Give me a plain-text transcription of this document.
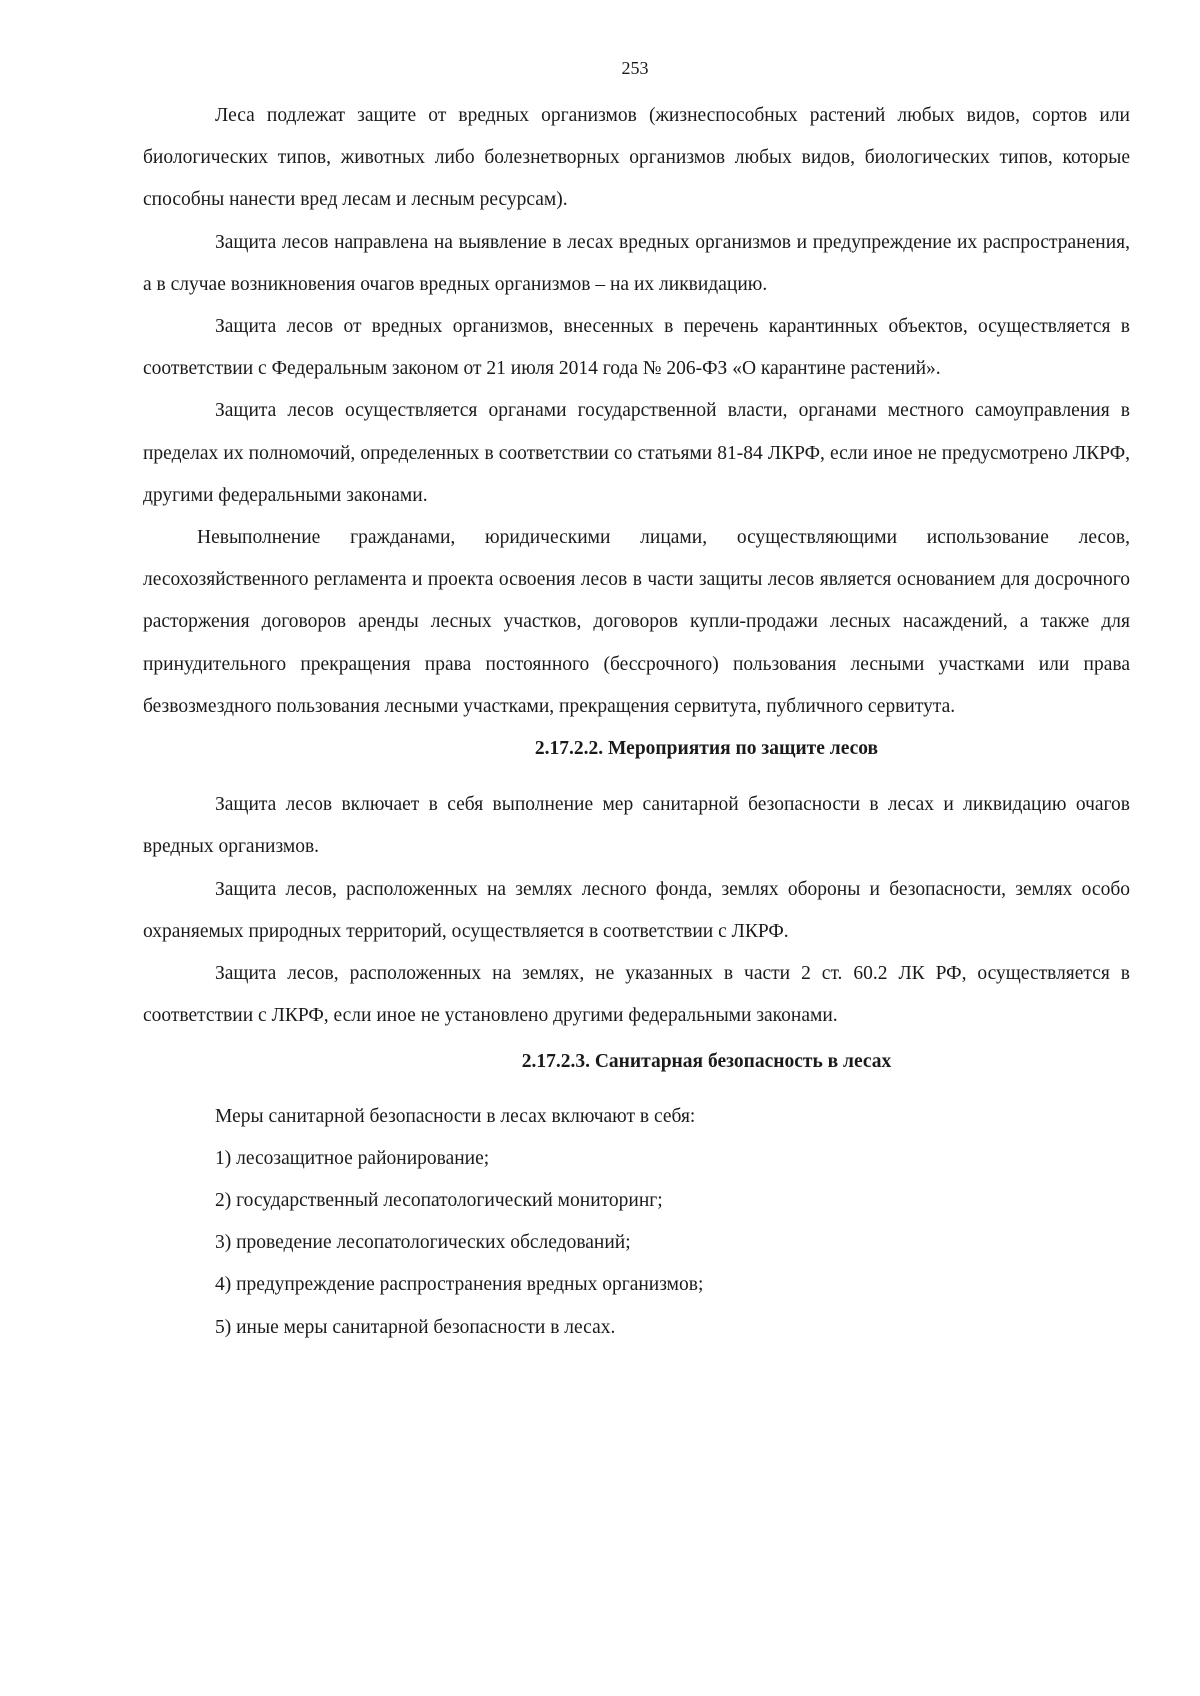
253

Леса подлежат защите от вредных организмов (жизнеспособных растений любых видов, сортов или биологических типов, животных либо болезнетворных организмов любых видов, биологических типов, которые способны нанести вред лесам и лесным ресурсам).

Защита лесов направлена на выявление в лесах вредных организмов и предупреждение их распространения, а в случае возникновения очагов вредных организмов – на их ликвидацию.

Защита лесов от вредных организмов, внесенных в перечень карантинных объектов, осуществляется в соответствии с Федеральным законом от 21 июля 2014 года № 206-ФЗ «О карантине растений».

Защита лесов осуществляется органами государственной власти, органами местного самоуправления в пределах их полномочий, определенных в соответствии со статьями 81-84 ЛКРФ, если иное не предусмотрено ЛКРФ, другими федеральными законами.

Невыполнение гражданами, юридическими лицами, осуществляющими использование лесов, лесохозяйственного регламента и проекта освоения лесов в части защиты лесов является основанием для досрочного расторжения договоров аренды лесных участков, договоров купли-продажи лесных насаждений, а также для принудительного прекращения права постоянного (бессрочного) пользования лесными участками или права безвозмездного пользования лесными участками, прекращения сервитута, публичного сервитута.

2.17.2.2. Мероприятия по защите лесов

Защита лесов включает в себя выполнение мер санитарной безопасности в лесах и ликвидацию очагов вредных организмов.

Защита лесов, расположенных на землях лесного фонда, землях обороны и безопасности, землях особо охраняемых природных территорий, осуществляется в соответствии с ЛКРФ.

Защита лесов, расположенных на землях, не указанных в части 2 ст. 60.2 ЛК РФ, осуществляется в соответствии с ЛКРФ, если иное не установлено другими федеральными законами.

2.17.2.3. Санитарная безопасность в лесах

Меры санитарной безопасности в лесах включают в себя:

1) лесозащитное районирование;

2) государственный лесопатологический мониторинг;

3) проведение лесопатологических обследований;

4) предупреждение распространения вредных организмов;

5) иные меры санитарной безопасности в лесах.
